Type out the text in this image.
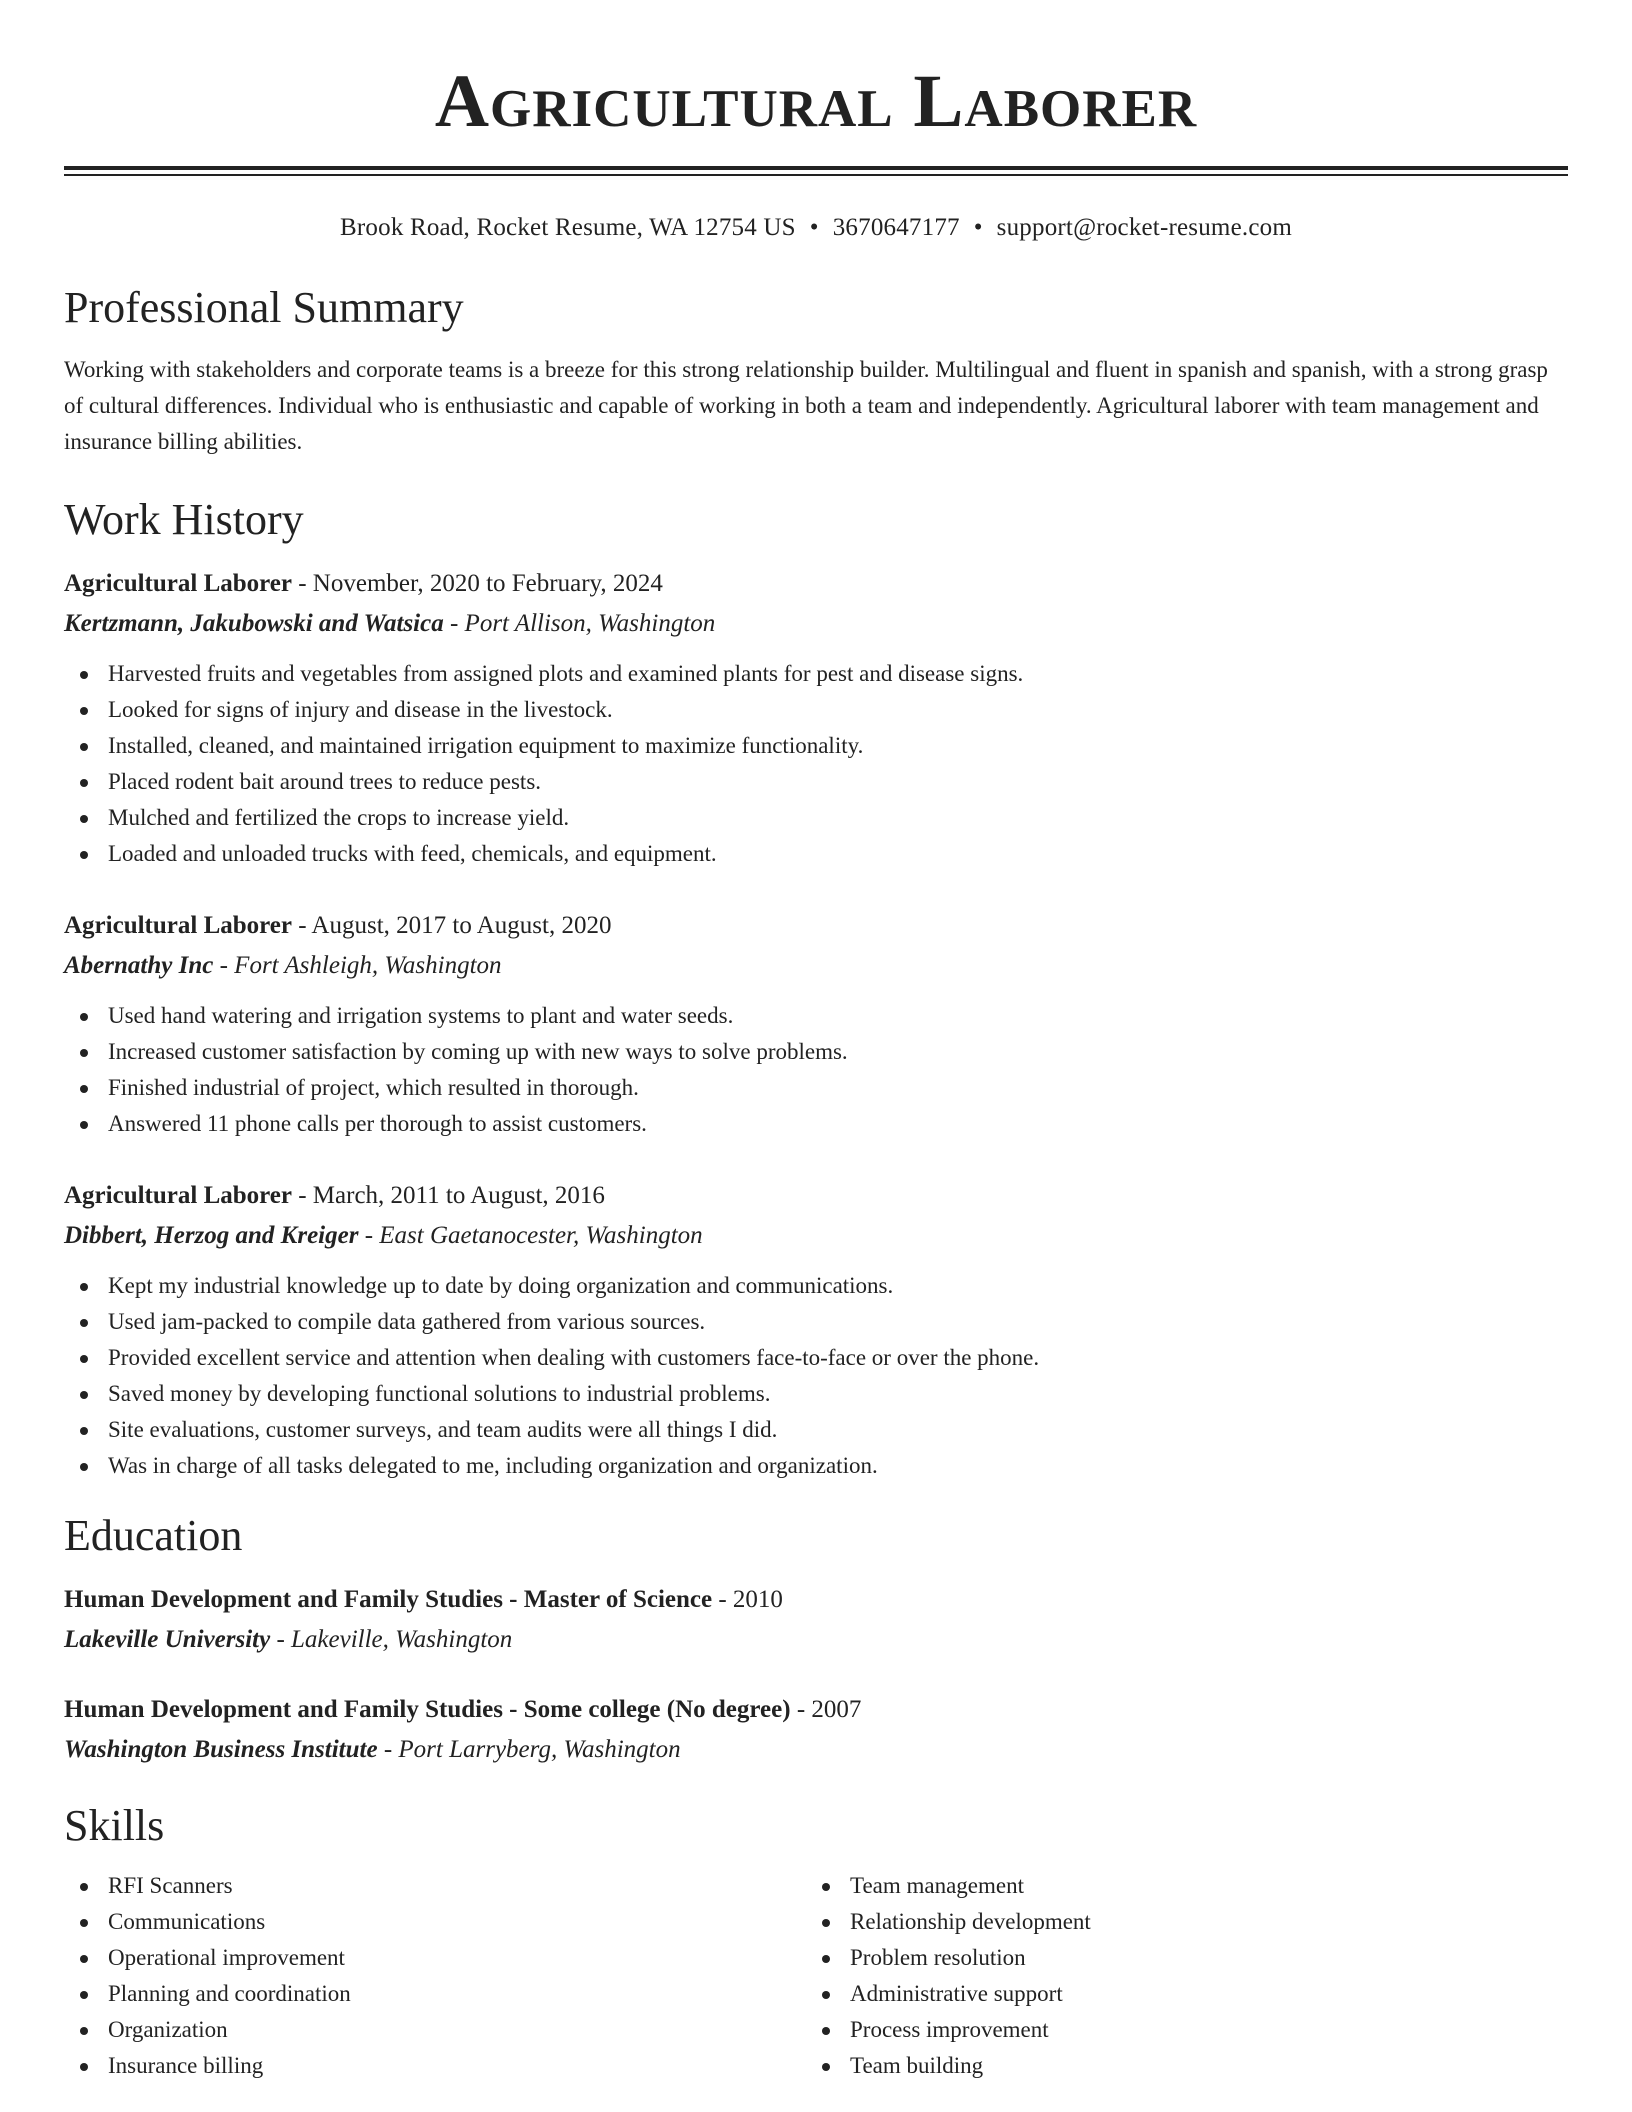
Agricultural Laborer
Brook Road, Rocket Resume, WA 12754 US • 3670647177 • support@rocket-resume.com
Professional Summary

Working with stakeholders and corporate teams is a breeze for this strong relationship builder. Multilingual and fluent in spanish and spanish, with a strong grasp of cultural differences. Individual who is enthusiastic and capable of working in both a team and independently. Agricultural laborer with team management and insurance billing abilities.

Work History
Agricultural Laborer - November, 2020 to February, 2024
Kertzmann, Jakubowski and Watsica - Port Allison, Washington
Harvested fruits and vegetables from assigned plots and examined plants for pest and disease signs.
Looked for signs of injury and disease in the livestock.
Installed, cleaned, and maintained irrigation equipment to maximize functionality.
Placed rodent bait around trees to reduce pests.
Mulched and fertilized the crops to increase yield.
Loaded and unloaded trucks with feed, chemicals, and equipment.
Agricultural Laborer - August, 2017 to August, 2020
Abernathy Inc - Fort Ashleigh, Washington
Used hand watering and irrigation systems to plant and water seeds.
Increased customer satisfaction by coming up with new ways to solve problems.
Finished industrial of project, which resulted in thorough.
Answered 11 phone calls per thorough to assist customers.
Agricultural Laborer - March, 2011 to August, 2016
Dibbert, Herzog and Kreiger - East Gaetanocester, Washington
Kept my industrial knowledge up to date by doing organization and communications.
Used jam-packed to compile data gathered from various sources.
Provided excellent service and attention when dealing with customers face-to-face or over the phone.
Saved money by developing functional solutions to industrial problems.
Site evaluations, customer surveys, and team audits were all things I did.
Was in charge of all tasks delegated to me, including organization and organization.
Education
Human Development and Family Studies - Master of Science - 2010
Lakeville University - Lakeville, Washington
Human Development and Family Studies - Some college (No degree) - 2007
Washington Business Institute - Port Larryberg, Washington
Skills
RFI Scanners
Communications
Operational improvement
Planning and coordination
Organization
Insurance billing
Team management
Relationship development
Problem resolution
Administrative support
Process improvement
Team building
